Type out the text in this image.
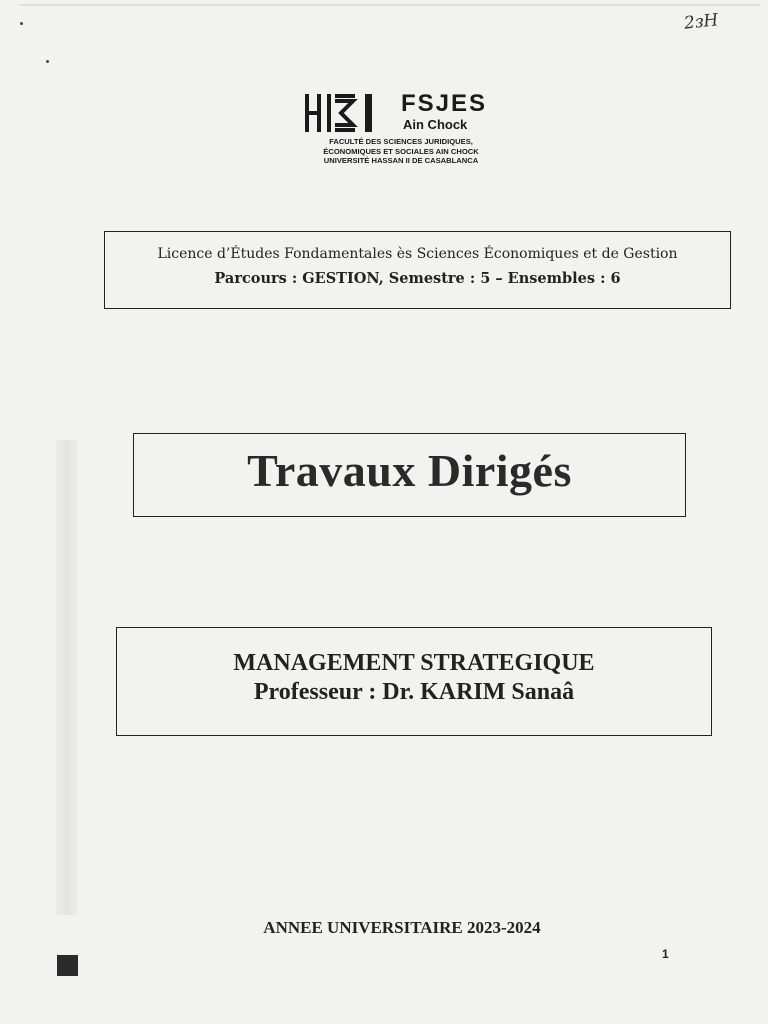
2ᴈH
FSJES
Ain Chock
FACULTÉ DES SCIENCES JURIDIQUES,
ÉCONOMIQUES ET SOCIALES AIN CHOCK
UNIVERSITÉ HASSAN II DE CASABLANCA
Licence d’Études Fondamentales ès Sciences Économiques et de Gestion
Parcours : GESTION, Semestre : 5 – Ensembles : 6
Travaux Dirigés
MANAGEMENT STRATEGIQUE
Professeur : Dr. KARIM Sanaâ
ANNEE UNIVERSITAIRE 2023-2024
1
